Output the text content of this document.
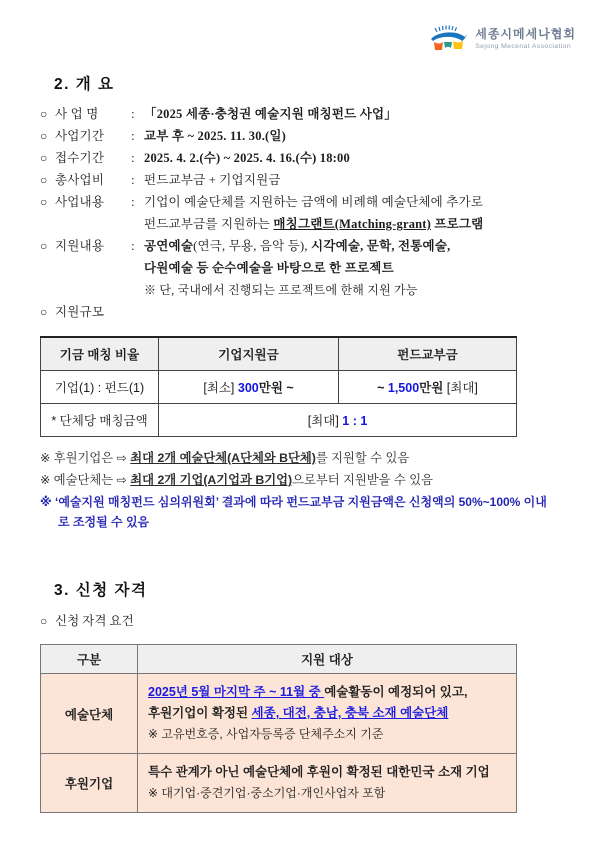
세종시메세나협회
Sejong Mecenat Association
2. 개 요
○ 사 업 명	: 「2025 세종·충청권 예술지원 매칭펀드 사업」
○ 사업기간	: 교부 후 ~ 2025. 11. 30.(일)
○ 접수기간	: 2025. 4. 2.(수) ~ 2025. 4. 16.(수) 18:00
○ 총사업비	: 펀드교부금 + 기업지원금
○ 사업내용	: 기업이 예술단체를 지원하는 금액에 비례해 예술단체에 추가로
펀드교부금를 지원하는 매칭그랜트(Matching-grant) 프로그램
○ 지원내용	: 공연예술(연극, 무용, 음악 등), 시각예술, 문학, 전통예술,
다원예술 등 순수예술을 바탕으로 한 프로젝트
※ 단, 국내에서 진행되는 프로젝트에 한해 지원 가능
○ 지원규모
기금 매칭 비율	기업지원금	펀드교부금
기업(1) : 펀드(1)	[최소] 300만원 ~	~ 1,500만원 [최대]
* 단체당 매칭금액	[최대] 1 : 1	
※ 후원기업은 ⇨ 최대 2개 예술단체(A단체와 B단체)를 지원할 수 있음
※ 예술단체는 ⇨ 최대 2개 기업(A기업과 B기업)으로부터 지원받을 수 있음
※ ‘예술지원 매칭펀드 심의위원회’ 결과에 따라 펀드교부금 지원금액은 신청액의 50%~100% 이내로 조정될 수 있음
3. 신청 자격
○ 신청 자격 요건
구분	지원 대상
예술단체	2025년 5월 마지막 주 ~ 11월 중 예술활동이 예정되어 있고,
후원기업이 확정된 세종, 대전, 충남, 충북 소재 예술단체
※ 고유번호증, 사업자등록증 단체주소지 기준
후원기업	특수 관계가 아닌 예술단체에 후원이 확정된 대한민국 소재 기업
※ 대기업·중견기업·중소기업·개인사업자 포함
